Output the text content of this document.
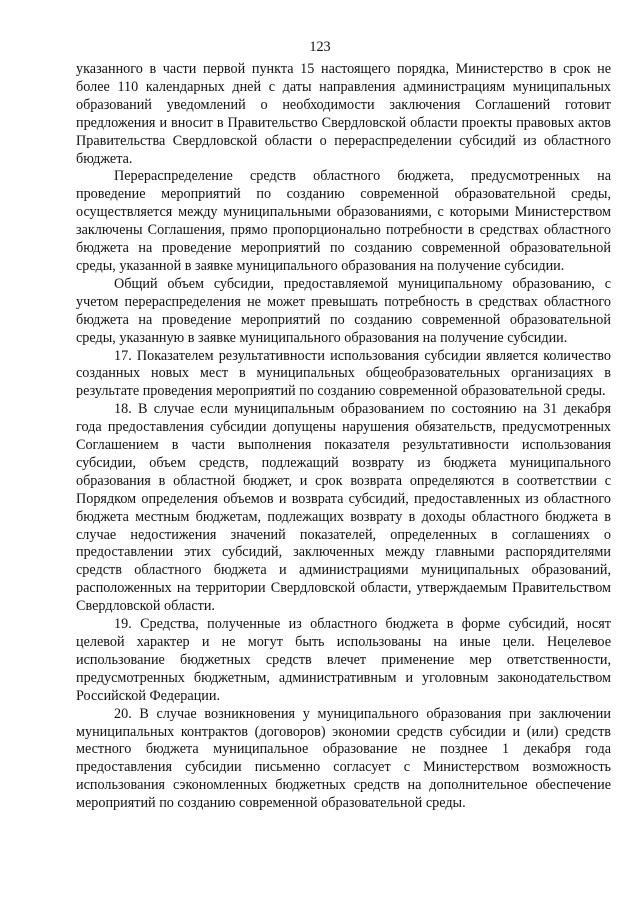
123

указанного в части первой пункта 15 настоящего порядка, Министерство в срок не более 110 календарных дней с даты направления администрациям муниципальных образований уведомлений о необходимости заключения Соглашений готовит предложения и вносит в Правительство Свердловской области проекты правовых актов Правительства Свердловской области о перераспределении субсидий из областного бюджета.

Перераспределение средств областного бюджета, предусмотренных на проведение мероприятий по созданию современной образовательной среды, осуществляется между муниципальными образованиями, с которыми Министерством заключены Соглашения, прямо пропорционально потребности в средствах областного бюджета на проведение мероприятий по созданию современной образовательной среды, указанной в заявке муниципального образования на получение субсидии.

Общий объем субсидии, предоставляемой муниципальному образованию, с учетом перераспределения не может превышать потребность в средствах областного бюджета на проведение мероприятий по созданию современной образовательной среды, указанную в заявке муниципального образования на получение субсидии.

17. Показателем результативности использования субсидии является количество созданных новых мест в муниципальных общеобразовательных организациях в результате проведения мероприятий по созданию современной образовательной среды.

18. В случае если муниципальным образованием по состоянию на 31 декабря года предоставления субсидии допущены нарушения обязательств, предусмотренных Соглашением в части выполнения показателя результативности использования субсидии, объем средств, подлежащий возврату из бюджета муниципального образования в областной бюджет, и срок возврата определяются в соответствии с Порядком определения объемов и возврата субсидий, предоставленных из областного бюджета местным бюджетам, подлежащих возврату в доходы областного бюджета в случае недостижения значений показателей, определенных в соглашениях о предоставлении этих субсидий, заключенных между главными распорядителями средств областного бюджета и администрациями муниципальных образований, расположенных на территории Свердловской области, утверждаемым Правительством Свердловской области.

19. Средства, полученные из областного бюджета в форме субсидий, носят целевой характер и не могут быть использованы на иные цели. Нецелевое использование бюджетных средств влечет применение мер ответственности, предусмотренных бюджетным, административным и уголовным законодательством Российской Федерации.

20. В случае возникновения у муниципального образования при заключении муниципальных контрактов (договоров) экономии средств субсидии и (или) средств местного бюджета муниципальное образование не позднее 1 декабря года предоставления субсидии письменно согласует с Министерством возможность использования сэкономленных бюджетных средств на дополнительное обеспечение мероприятий по созданию современной образовательной среды.
